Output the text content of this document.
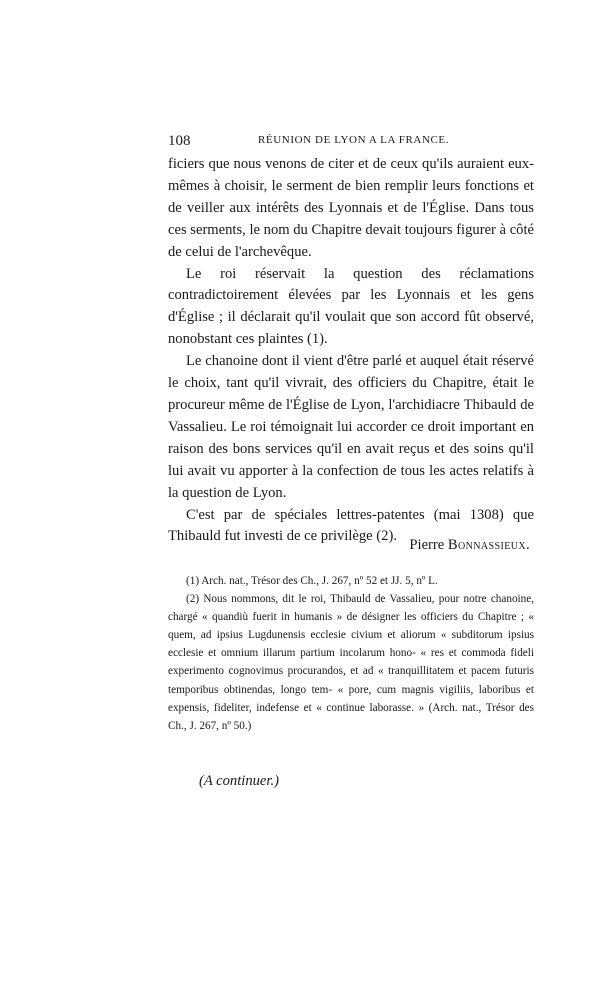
108	RÉUNION DE LYON A LA FRANCE.

ficiers que nous venons de citer et de ceux qu'ils auraient eux-mêmes à choisir, le serment de bien remplir leurs fonctions et de veiller aux intérêts des Lyonnais et de l'Église. Dans tous ces serments, le nom du Chapitre devait toujours figurer à côté de celui de l'archevêque.

Le roi réservait la question des réclamations contradictoirement élevées par les Lyonnais et les gens d'Église ; il déclarait qu'il voulait que son accord fût observé, nonobstant ces plaintes (1).

Le chanoine dont il vient d'être parlé et auquel était réservé le choix, tant qu'il vivrait, des officiers du Chapitre, était le procureur même de l'Église de Lyon, l'archidiacre Thibauld de Vassalieu. Le roi témoignait lui accorder ce droit important en raison des bons services qu'il en avait reçus et des soins qu'il lui avait vu apporter à la confection de tous les actes relatifs à la question de Lyon.

C'est par de spéciales lettres-patentes (mai 1308) que Thibauld fut investi de ce privilège (2).

Pierre Bonnassieux.

(1) Arch. nat., Trésor des Ch., J. 267, nº 52 et JJ. 5, nº L.

(2) Nous nommons, dit le roi, Thibauld de Vassalieu, pour notre chanoine, chargé « quandiù fuerit in humanis » de désigner les officiers du Chapitre ; « quem, ad ipsius Lugdunensis ecclesie civium et aliorum « subditorum ipsius ecclesie et omnium illarum partium incolarum hono- « res et commoda fideli experimento cognovimus procurandos, et ad « tranquillitatem et pacem futuris temporibus obtinendas, longo tem- « pore, cum magnis vigiliis, laboribus et expensis, fideliter, indefense et « continue laborasse. » (Arch. nat., Trésor des Ch., J. 267, nº 50.)

(A continuer.)
